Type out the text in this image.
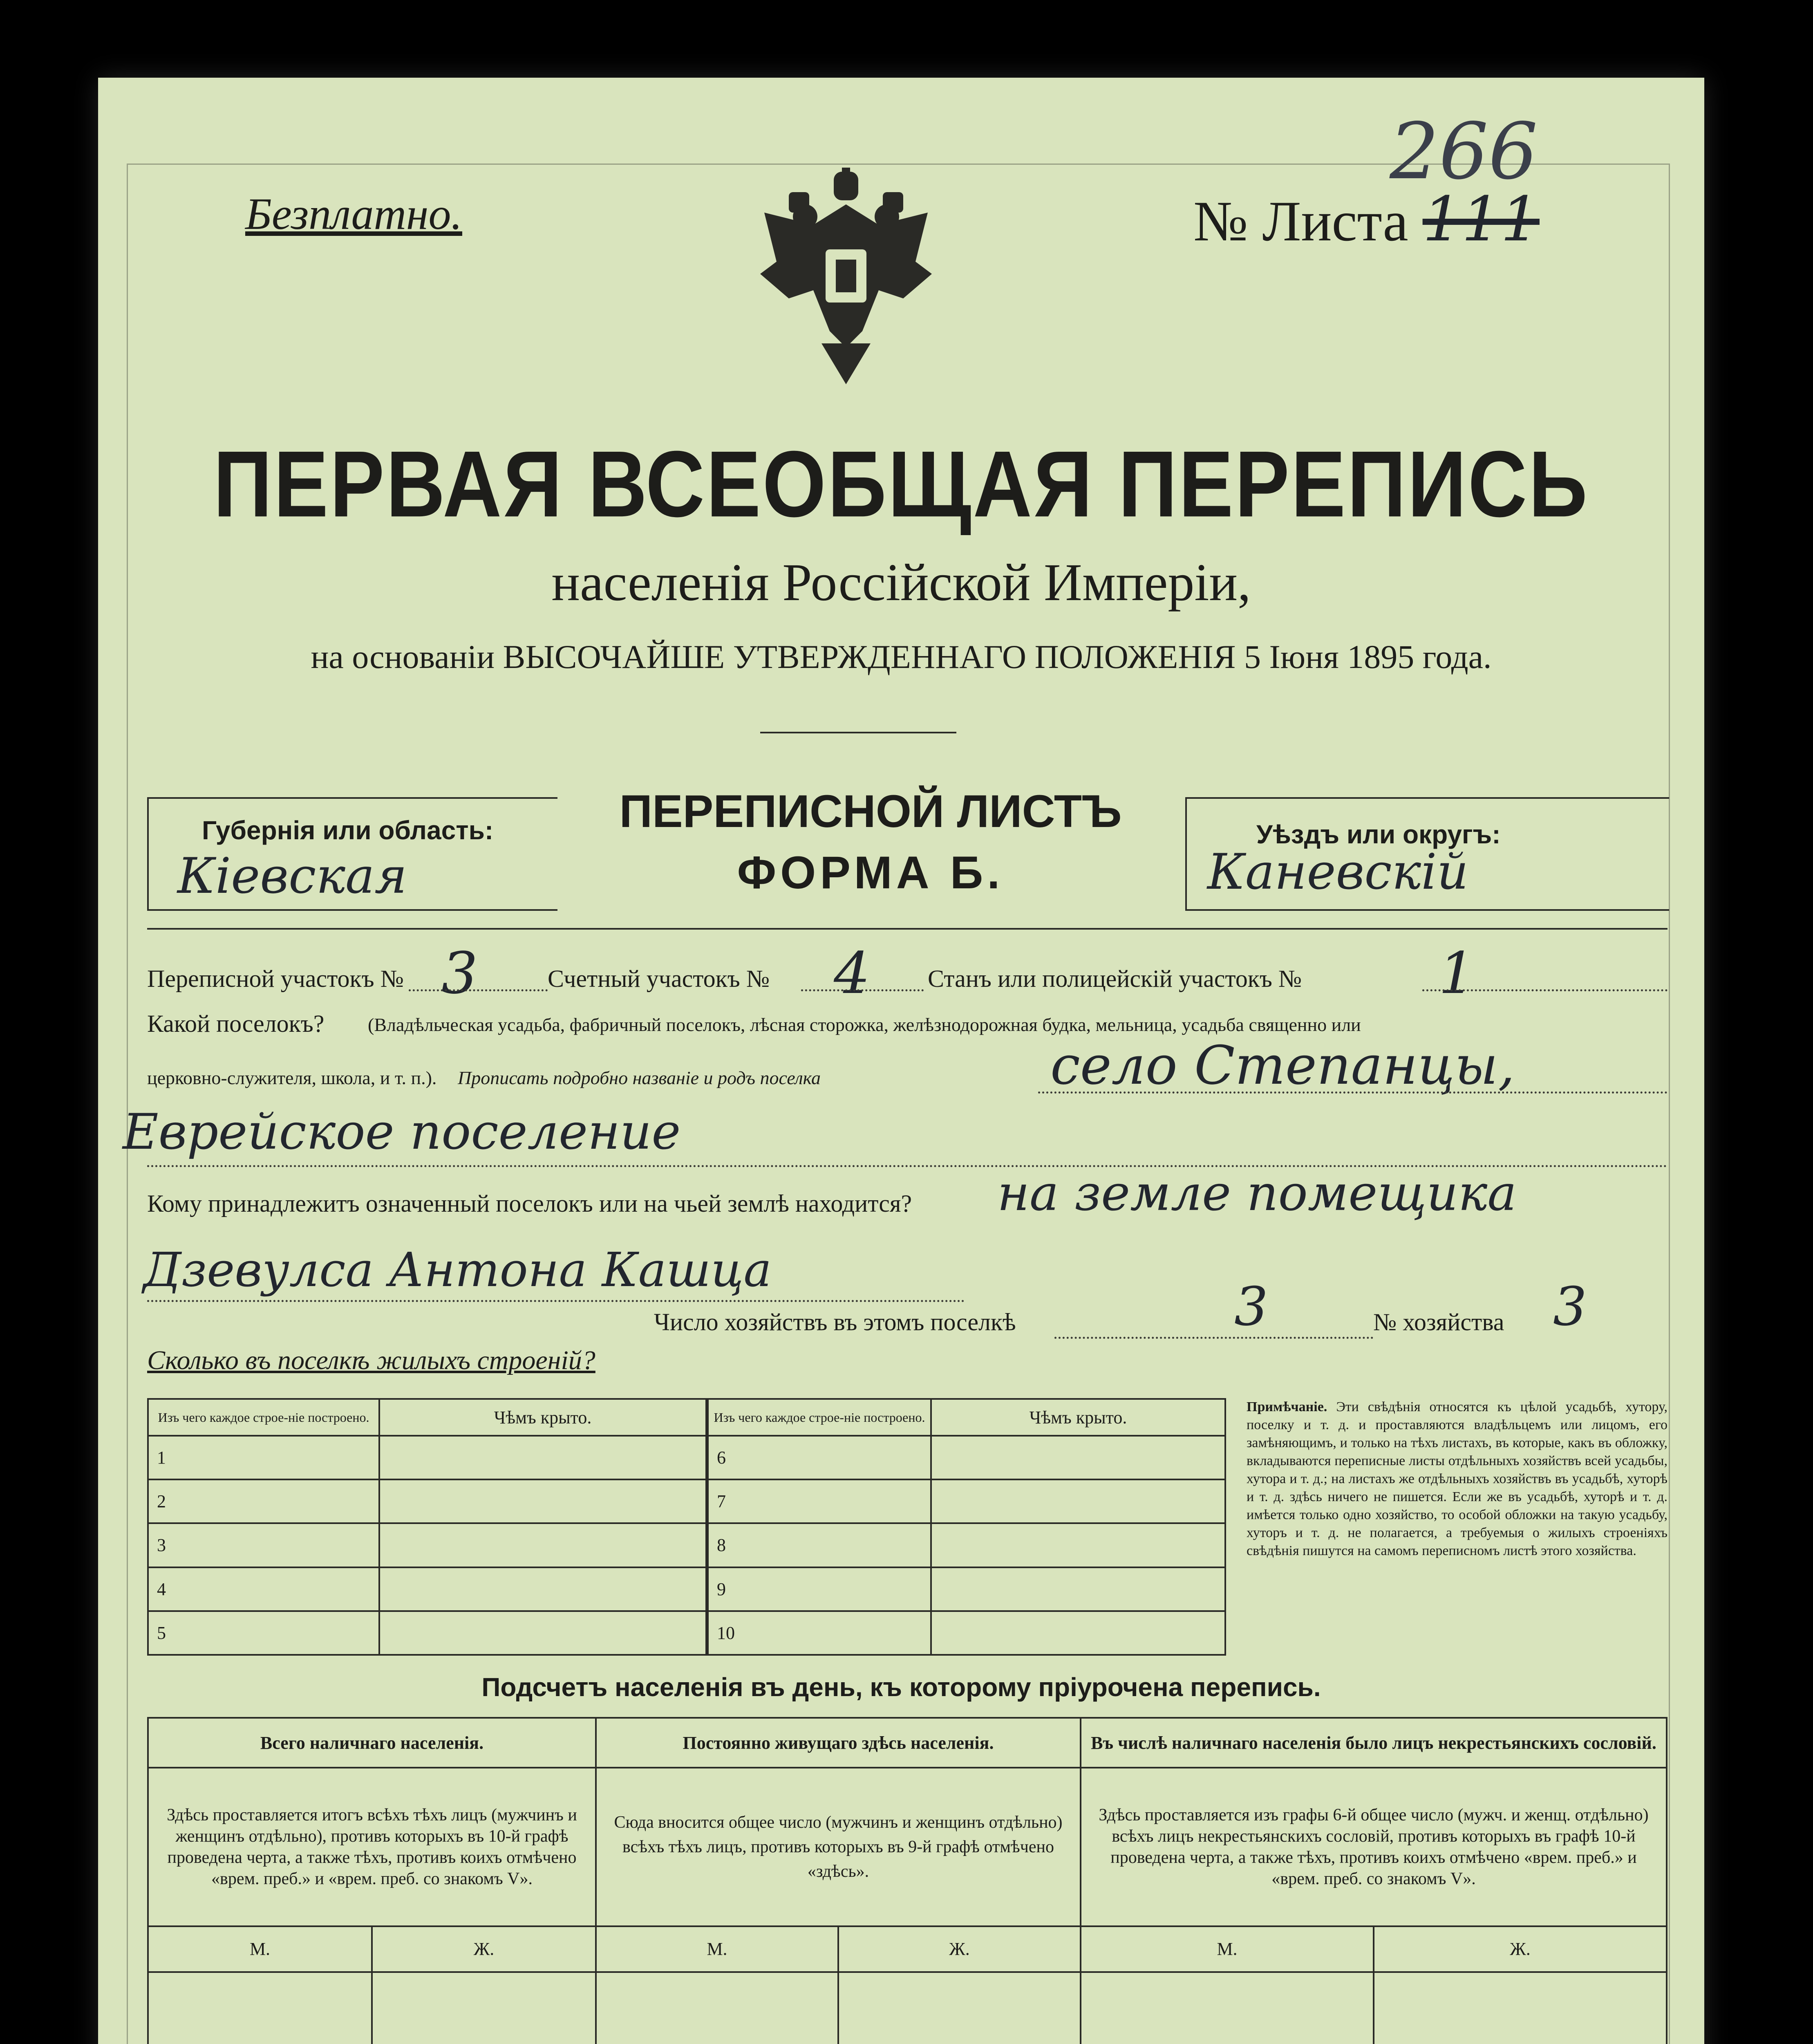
266
Безплатно.	№ Листа 111
ПЕРВАЯ ВСЕОБЩАЯ ПЕРЕПИСЬ
населенія Россійской Имперіи,
на основаніи ВЫСОЧАЙШЕ УТВЕРЖДЕННАГО ПОЛОЖЕНІЯ 5 Іюня 1895 года.
Губернія или область:
Кіевская
ПЕРЕПИСНОЙ ЛИСТЪ
ФОРМА Б.
Уѣздъ или округъ:
Каневскій
Переписной участокъ № 3	Счетный участокъ № 4 Станъ или полицейскій участокъ № 1
Какой поселокъ? (Владѣльческая усадьба, фабричный поселокъ, лѣсная сторожка, желѣзнодорожная будка, мельница, усадьба священно или
церковно-служителя, школа, и т. п.). Прописать подробно названіе и родъ поселка	село Степанцы,
Еврейское поселение
Кому принадлежитъ означенный поселокъ или на чьей землѣ находится? на земле помещика
Дзевулса Антона Кашца
Число хозяйствъ въ этомъ поселкѣ	3	№ хозяйства 3
Сколько въ поселкѣ жилыхъ строеній?
Изъ чего каждое строе-ніе построено.	Чѣмъ крыто.
1	
2	
3	
4	
5	
Изъ чего каждое строе-ніе построено.	Чѣмъ крыто.
6	
7	
8	
9	
10	
Примѣчаніе. Эти свѣдѣнія относятся къ цѣлой усадьбѣ, хутору, поселку и т. д. и проставляются владѣльцемъ или лицомъ, его замѣняющимъ, и только на тѣхъ листахъ, въ которые, какъ въ обложку, вкладываются переписные листы отдѣльныхъ хозяйствъ всей усадьбы, хутора и т. д.; на листахъ же отдѣльныхъ хозяйствъ въ усадьбѣ, хуторѣ и т. д. здѣсь ничего не пишется. Если же въ усадьбѣ, хуторѣ и т. д. имѣется только одно хозяйство, то особой обложки на такую усадьбу, хуторъ и т. д. не полагается, а требуемыя о жилыхъ строеніяхъ свѣдѣнія пишутся на самомъ переписномъ листѣ этого хозяйства.
Подсчетъ населенія въ день, къ которому пріурочена перепись.
Всего наличнаго населенія.		Постоянно живущаго здѣсь населенія.		Въ числѣ наличнаго населенія было лицъ некрестьянскихъ сословій.	
Здѣсь проставляется итогъ всѣхъ тѣхъ лицъ (мужчинъ и женщинъ отдѣльно), противъ которыхъ въ 10-й графѣ проведена черта, а также тѣхъ, противъ коихъ отмѣчено «врем. преб.» и «врем. преб. со знакомъ V».		Сюда вносится общее число (мужчинъ и женщинъ отдѣльно) всѣхъ тѣхъ лицъ, противъ которыхъ въ 9-й графѣ отмѣчено «здѣсь».		Здѣсь проставляется изъ графы 6-й общее число (мужч. и женщ. отдѣльно) всѣхъ лицъ некрестьянскихъ сословій, противъ которыхъ въ графѣ 10-й проведена черта, а также тѣхъ, противъ коихъ отмѣчено «врем. преб.» и «врем. преб. со знакомъ V».	
М.	Ж.	М.	Ж.	М.	Ж.
